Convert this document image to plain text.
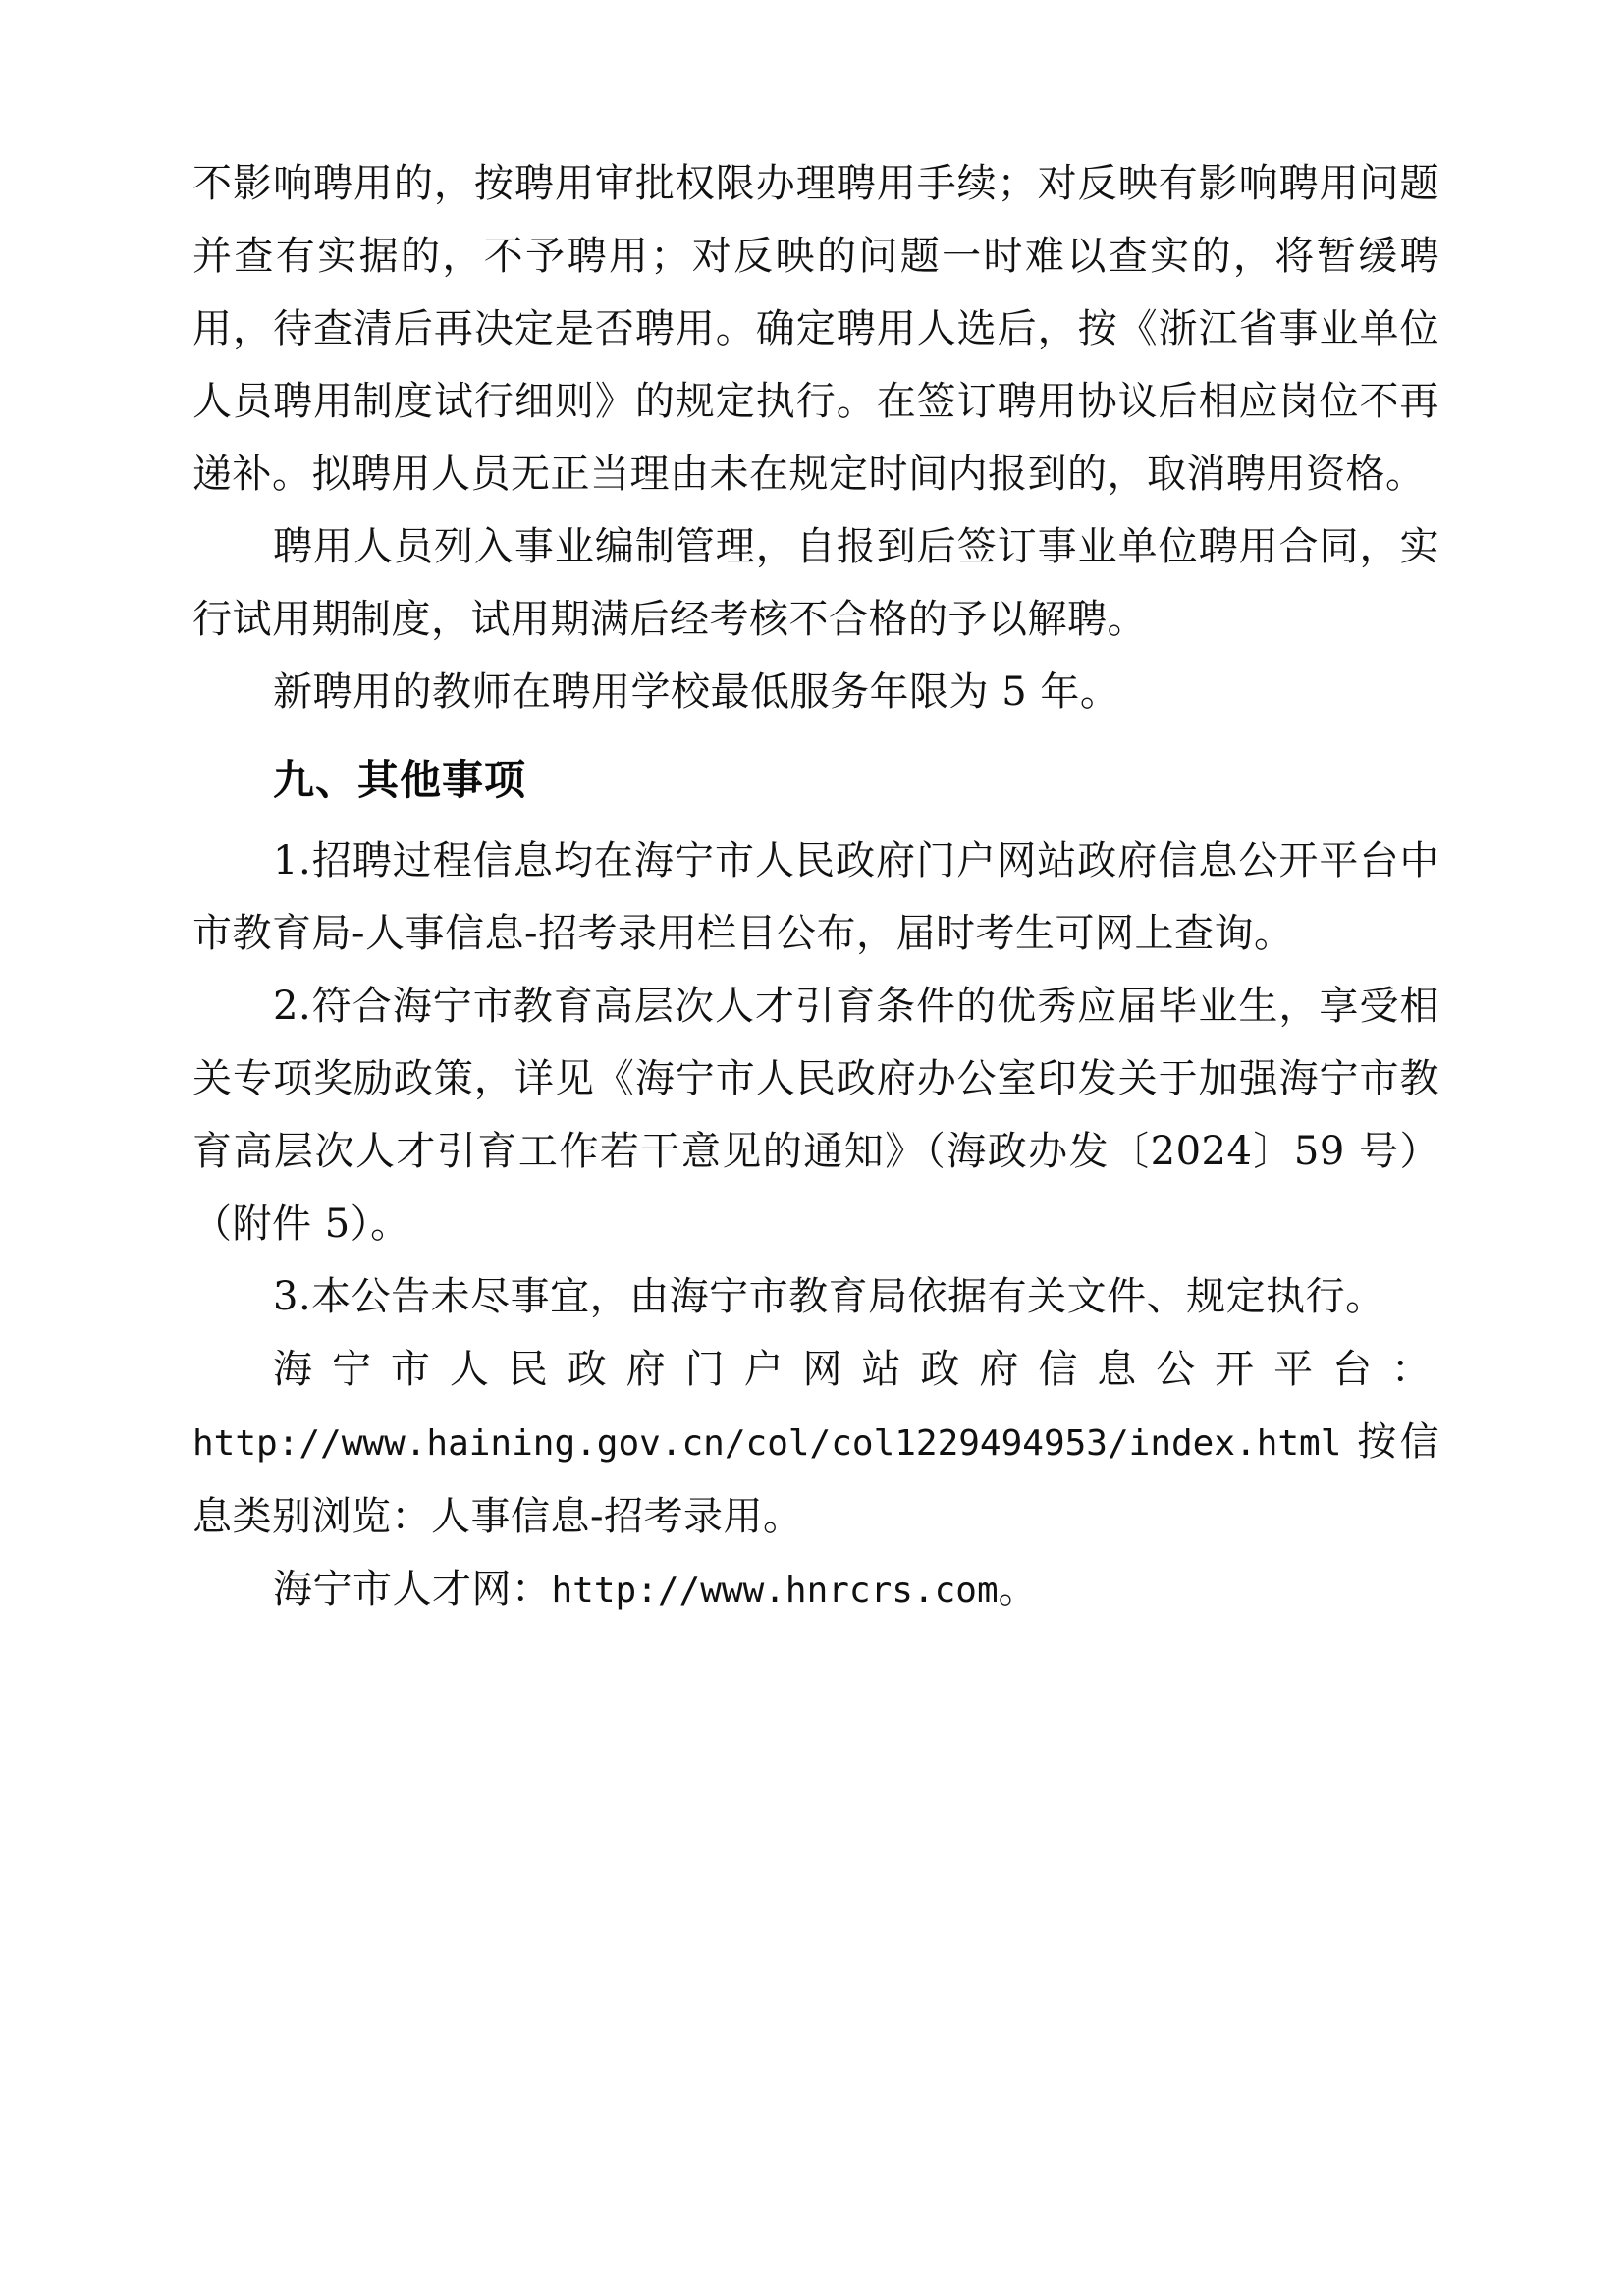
不影响聘用的，按聘用审批权限办理聘用手续；对反映有影响聘用问题并查有实据的，不予聘用；对反映的问题一时难以查实的，将暂缓聘用，待查清后再决定是否聘用。确定聘用人选后，按《浙江省事业单位人员聘用制度试行细则》的规定执行。在签订聘用协议后相应岗位不再递补。拟聘用人员无正当理由未在规定时间内报到的，取消聘用资格。

聘用人员列入事业编制管理，自报到后签订事业单位聘用合同，实行试用期制度，试用期满后经考核不合格的予以解聘。

新聘用的教师在聘用学校最低服务年限为 5 年。

九、其他事项

1.招聘过程信息均在海宁市人民政府门户网站政府信息公开平台中市教育局-人事信息-招考录用栏目公布，届时考生可网上查询。

2.符合海宁市教育高层次人才引育条件的优秀应届毕业生，享受相关专项奖励政策，详见《海宁市人民政府办公室印发关于加强海宁市教育高层次人才引育工作若干意见的通知》（海政办发〔2024〕59 号）（附件 5）。

3.本公告未尽事宜，由海宁市教育局依据有关文件、规定执行。

海宁市人民政府门户网站政府信息公开平台：http://www.haining.gov.cn/col/col1229494953/index.html 按信息类别浏览：人事信息-招考录用。

海宁市人才网：http://www.hnrcrs.com。
